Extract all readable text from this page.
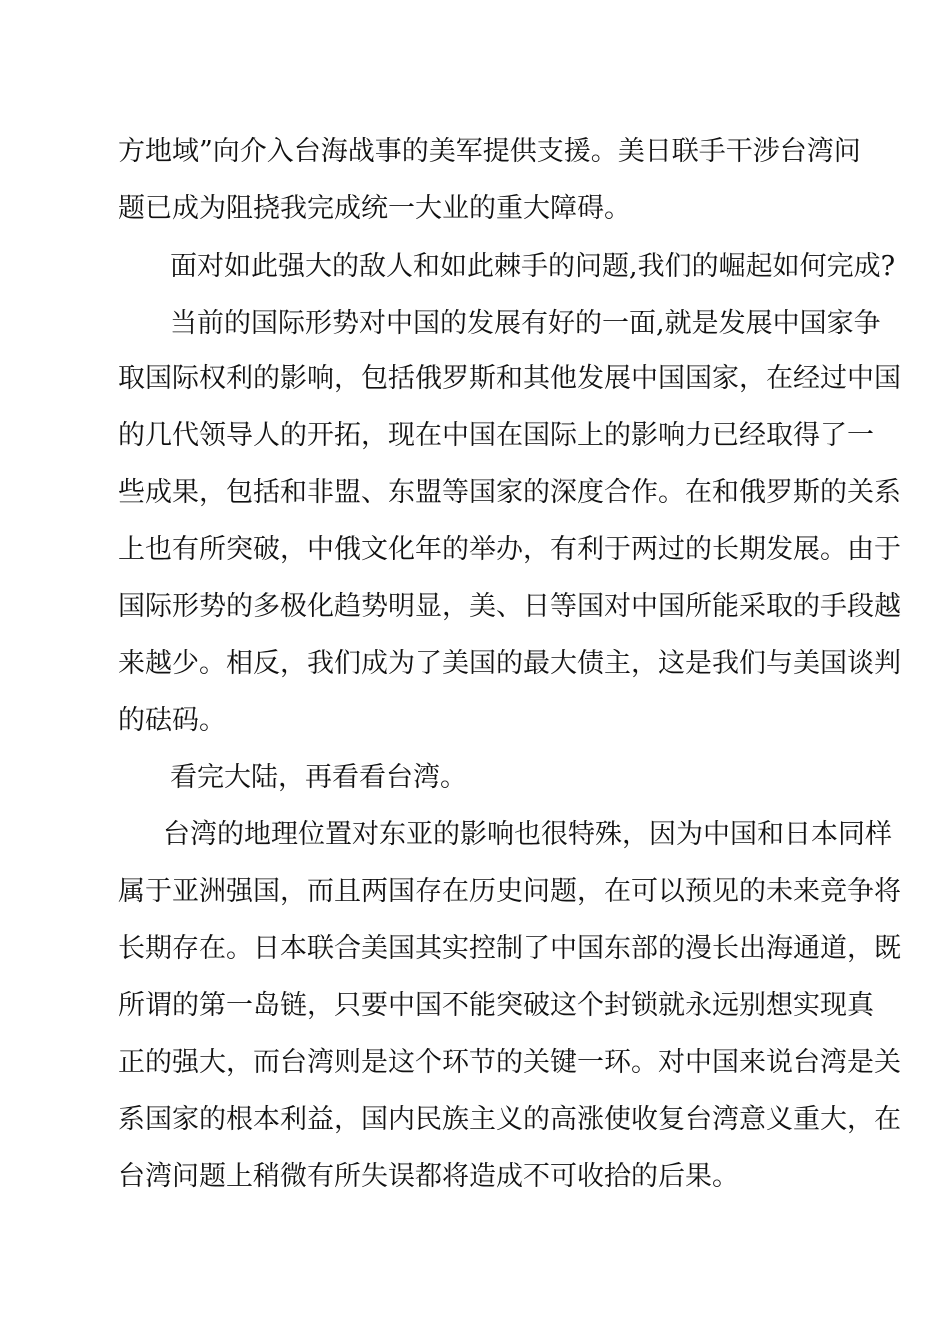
方地域”向介入台海战事的美军提供支援。美日联手干涉台湾问
题已成为阻挠我完成统一大业的重大障碍。
面对如此强大的敌人和如此棘手的问题,我们的崛起如何完成?
当前的国际形势对中国的发展有好的一面,就是发展中国家争
取国际权利的影响，包括俄罗斯和其他发展中国国家，在经过中国
的几代领导人的开拓，现在中国在国际上的影响力已经取得了一
些成果，包括和非盟、东盟等国家的深度合作。在和俄罗斯的关系
上也有所突破，中俄文化年的举办，有利于两过的长期发展。由于
国际形势的多极化趋势明显，美、日等国对中国所能采取的手段越
来越少。相反，我们成为了美国的最大债主，这是我们与美国谈判
的砝码。
看完大陆，再看看台湾。
台湾的地理位置对东亚的影响也很特殊，因为中国和日本同样
属于亚洲强国，而且两国存在历史问题，在可以预见的未来竞争将
长期存在。日本联合美国其实控制了中国东部的漫长出海通道，既
所谓的第一岛链，只要中国不能突破这个封锁就永远别想实现真
正的强大，而台湾则是这个环节的关键一环。对中国来说台湾是关
系国家的根本利益，国内民族主义的高涨使收复台湾意义重大，在
台湾问题上稍微有所失误都将造成不可收拾的后果。
